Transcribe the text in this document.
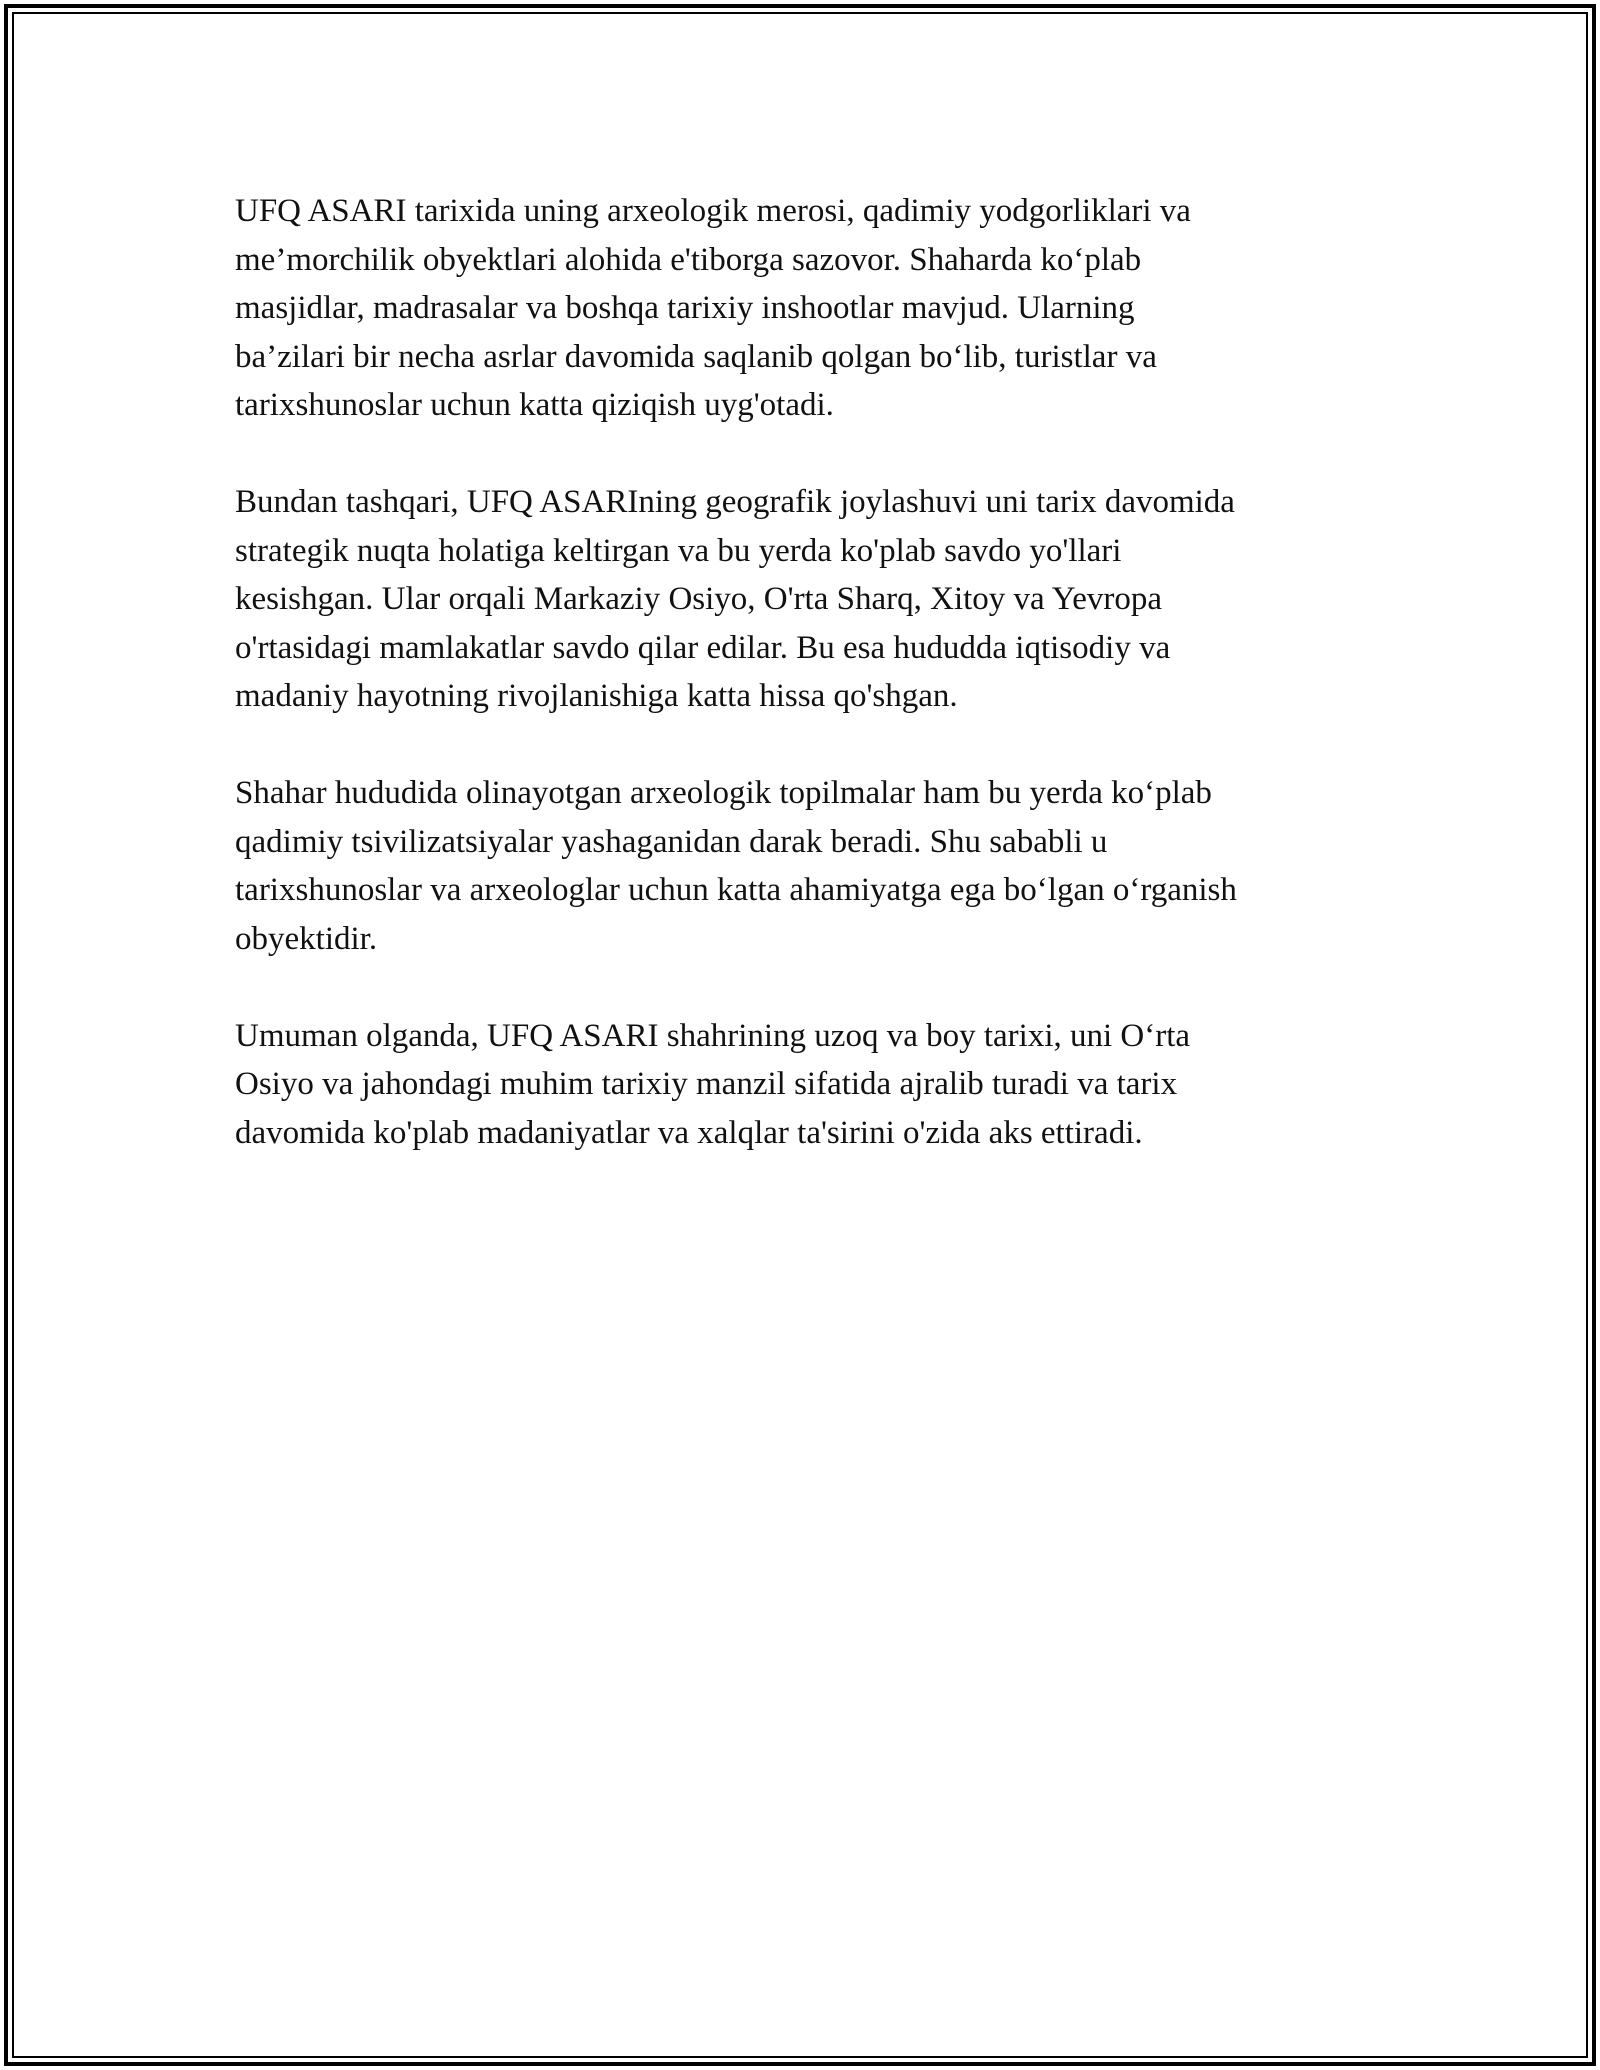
UFQ ASARI tarixida uning arxeologik merosi, qadimiy yodgorliklari va
me’morchilik obyektlari alohida e'tiborga sazovor. Shaharda ko‘plab
masjidlar, madrasalar va boshqa tarixiy inshootlar mavjud. Ularning
ba’zilari bir necha asrlar davomida saqlanib qolgan bo‘lib, turistlar va
tarixshunoslar uchun katta qiziqish uyg'otadi.

Bundan tashqari, UFQ ASARIning geografik joylashuvi uni tarix davomida
strategik nuqta holatiga keltirgan va bu yerda ko'plab savdo yo'llari
kesishgan. Ular orqali Markaziy Osiyo, O'rta Sharq, Xitoy va Yevropa
o'rtasidagi mamlakatlar savdo qilar edilar. Bu esa hududda iqtisodiy va
madaniy hayotning rivojlanishiga katta hissa qo'shgan.

Shahar hududida olinayotgan arxeologik topilmalar ham bu yerda ko‘plab
qadimiy tsivilizatsiyalar yashaganidan darak beradi. Shu sababli u
tarixshunoslar va arxeologlar uchun katta ahamiyatga ega bo‘lgan o‘rganish
obyektidir.

Umuman olganda, UFQ ASARI shahrining uzoq va boy tarixi, uni O‘rta
Osiyo va jahondagi muhim tarixiy manzil sifatida ajralib turadi va tarix
davomida ko'plab madaniyatlar va xalqlar ta'sirini o'zida aks ettiradi.
